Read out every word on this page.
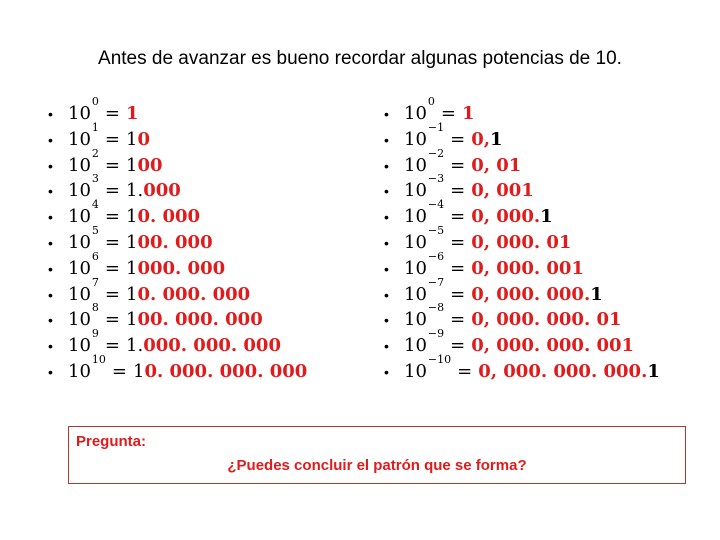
Antes de avanzar es bueno recordar algunas potencias de 10.
• $10^0= 1$
• $10^1= 10$
• $10^2= 100$
• $10^3= 1.000$
• $10^4= 10$. 000
• $10^5= 100$. 000
• $10^6= 1000$. 000
• $10^7= 10$. 000. 000
• $10^8= 100$. 000. 000
• $10^9= 1.000$. 000. 000
• $10^{10}= 10$. 000. 000. 000
• $10^0= 1$
• $10^{-1}= 0,1$
• $10^{-2}= 0$, 01
• $10^{-3}= 0$, 001
• $10^{-4}= 0$, 000.1
• $10^{-5}= 0$, 000. 01
• $10^{-6}= 0$, 000. 001
• $10^{-7}= 0$, 000. 000.1
• $10^{-8}= 0$, 000. 000. 01
• $10^{-9}= 0$, 000. 000. 001
• $10^{-10}= 0$, 000. 000. 000.1
Pregunta:
¿Puedes concluir el patrón que se forma?
